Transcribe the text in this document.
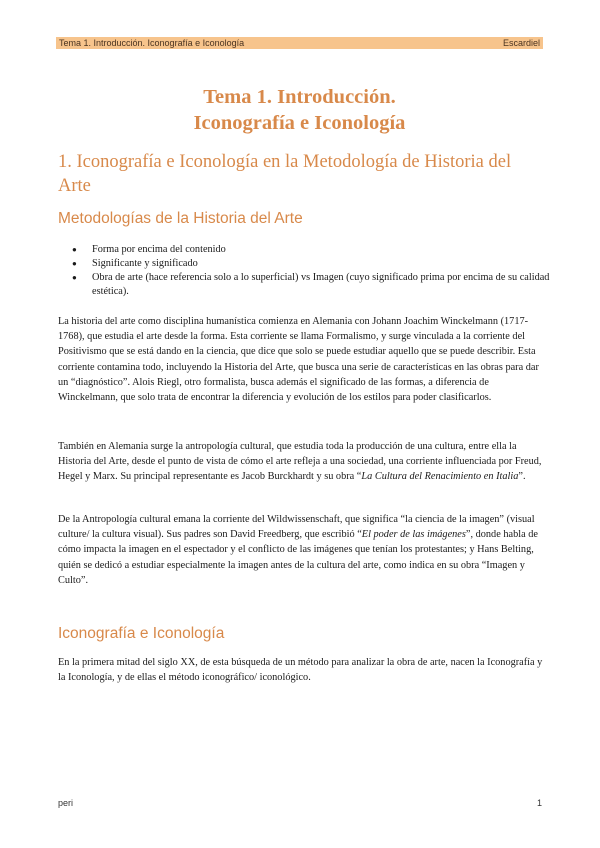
Tema 1. Introducción. Iconografía e Iconología	Escardiel
Tema 1. Introducción.
Iconografía e Iconología
1. Iconografía e Iconología en la Metodología de Historia del Arte
Metodologías de la Historia del Arte
● Forma por encima del contenido
● Significante y significado
● Obra de arte (hace referencia solo a lo superficial) vs Imagen (cuyo significado prima por encima de su calidad estética).

La historia del arte como disciplina humanística comienza en Alemania con Johann Joachim Winckelmann (1717-1768), que estudia el arte desde la forma. Esta corriente se llama Formalismo, y surge vinculada a la corriente del Positivismo que se está dando en la ciencia, que dice que solo se puede estudiar aquello que se puede describir. Esta corriente contamina todo, incluyendo la Historia del Arte, que busca una serie de características en las obras para dar un “diagnóstico”. Alois Riegl, otro formalista, busca además el significado de las formas, a diferencia de Winckelmann, que solo trata de encontrar la diferencia y evolución de los estilos para poder clasificarlos.

También en Alemania surge la antropología cultural, que estudia toda la producción de una cultura, entre ella la Historia del Arte, desde el punto de vista de cómo el arte refleja a una sociedad, una corriente influenciada por Freud, Hegel y Marx. Su principal representante es Jacob Burckhardt y su obra “La Cultura del Renacimiento en Italia”.

De la Antropología cultural emana la corriente del Wildwissenschaft, que significa “la ciencia de la imagen” (visual culture/ la cultura visual). Sus padres son David Freedberg, que escribió “El poder de las imágenes”, donde habla de cómo impacta la imagen en el espectador y el conflicto de las imágenes que tenían los protestantes; y Hans Belting, quién se dedicó a estudiar especialmente la imagen antes de la cultura del arte, como indica en su obra “Imagen y Culto”.

Iconografía e Iconología

En la primera mitad del siglo XX, de esta búsqueda de un método para analizar la obra de arte, nacen la Iconografía y la Iconología, y de ellas el método iconográfico/ iconológico.

peri	1
